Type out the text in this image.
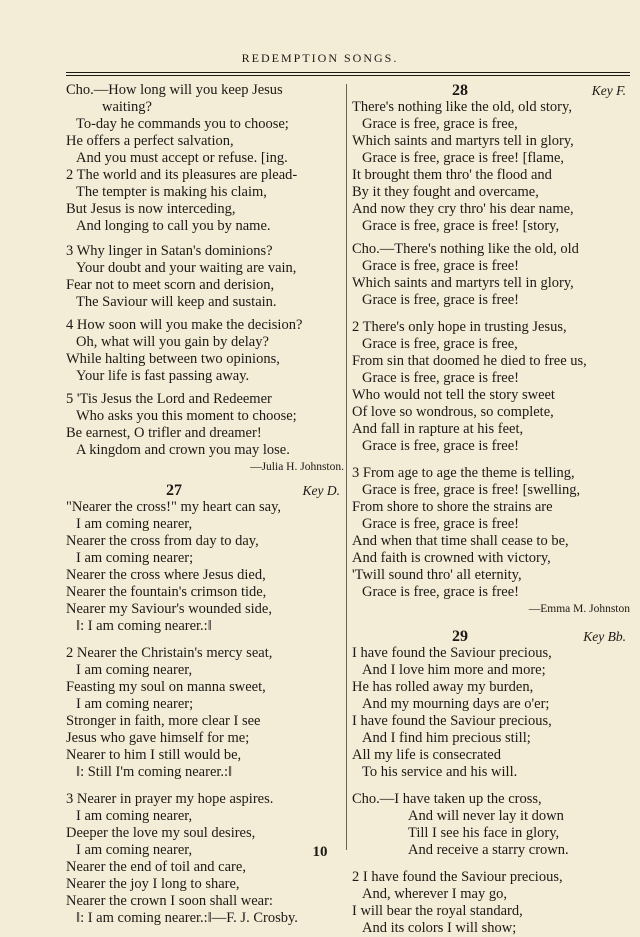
REDEMPTION SONGS.
Cho.—How long will you keep Jesus
waiting?
To-day he commands you to choose;
He offers a perfect salvation,
And you must accept or refuse. [ing.
2 The world and its pleasures are plead-
The tempter is making his claim,
But Jesus is now interceding,
And longing to call you by name.
3 Why linger in Satan's dominions?
Your doubt and your waiting are vain,
Fear not to meet scorn and derision,
The Saviour will keep and sustain.
4 How soon will you make the decision?
Oh, what will you gain by delay?
While halting between two opinions,
Your life is fast passing away.
5 'Tis Jesus the Lord and Redeemer
Who asks you this moment to choose;
Be earnest, O trifler and dreamer!
A kingdom and crown you may lose.
—Julia H. Johnston.
27	Key D.
"Nearer the cross!" my heart can say,
I am coming nearer,
Nearer the cross from day to day,
I am coming nearer;
Nearer the cross where Jesus died,
Nearer the fountain's crimson tide,
Nearer my Saviour's wounded side,
‖: I am coming nearer.:‖
2 Nearer the Christain's mercy seat,
I am coming nearer,
Feasting my soul on manna sweet,
I am coming nearer;
Stronger in faith, more clear I see
Jesus who gave himself for me;
Nearer to him I still would be,
‖: Still I'm coming nearer.:‖
3 Nearer in prayer my hope aspires.
I am coming nearer,
Deeper the love my soul desires,
I am coming nearer,
Nearer the end of toil and care,
Nearer the joy I long to share,
Nearer the crown I soon shall wear:
‖: I am coming nearer.:‖—F. J. Crosby.
28	Key F.
There's nothing like the old, old story,
Grace is free, grace is free,
Which saints and martyrs tell in glory,
Grace is free, grace is free! [flame,
It brought them thro' the flood and
By it they fought and overcame,
And now they cry thro' his dear name,
Grace is free, grace is free! [story,
Cho.—There's nothing like the old, old
Grace is free, grace is free!
Which saints and martyrs tell in glory,
Grace is free, grace is free!
2 There's only hope in trusting Jesus,
Grace is free, grace is free,
From sin that doomed he died to free us,
Grace is free, grace is free!
Who would not tell the story sweet
Of love so wondrous, so complete,
And fall in rapture at his feet,
Grace is free, grace is free!
3 From age to age the theme is telling,
Grace is free, grace is free! [swelling,
From shore to shore the strains are
Grace is free, grace is free!
And when that time shall cease to be,
And faith is crowned with victory,
'Twill sound thro' all eternity,
Grace is free, grace is free!
—Emma M. Johnston
29	Key Bb.
I have found the Saviour precious,
And I love him more and more;
He has rolled away my burden,
And my mourning days are o'er;
I have found the Saviour precious,
And I find him precious still;
All my life is consecrated
To his service and his will.
Cho.—I have taken up the cross,
And will never lay it down
Till I see his face in glory,
And receive a starry crown.
2 I have found the Saviour precious,
And, wherever I may go,
I will bear the royal standard,
And its colors I will show;
10
